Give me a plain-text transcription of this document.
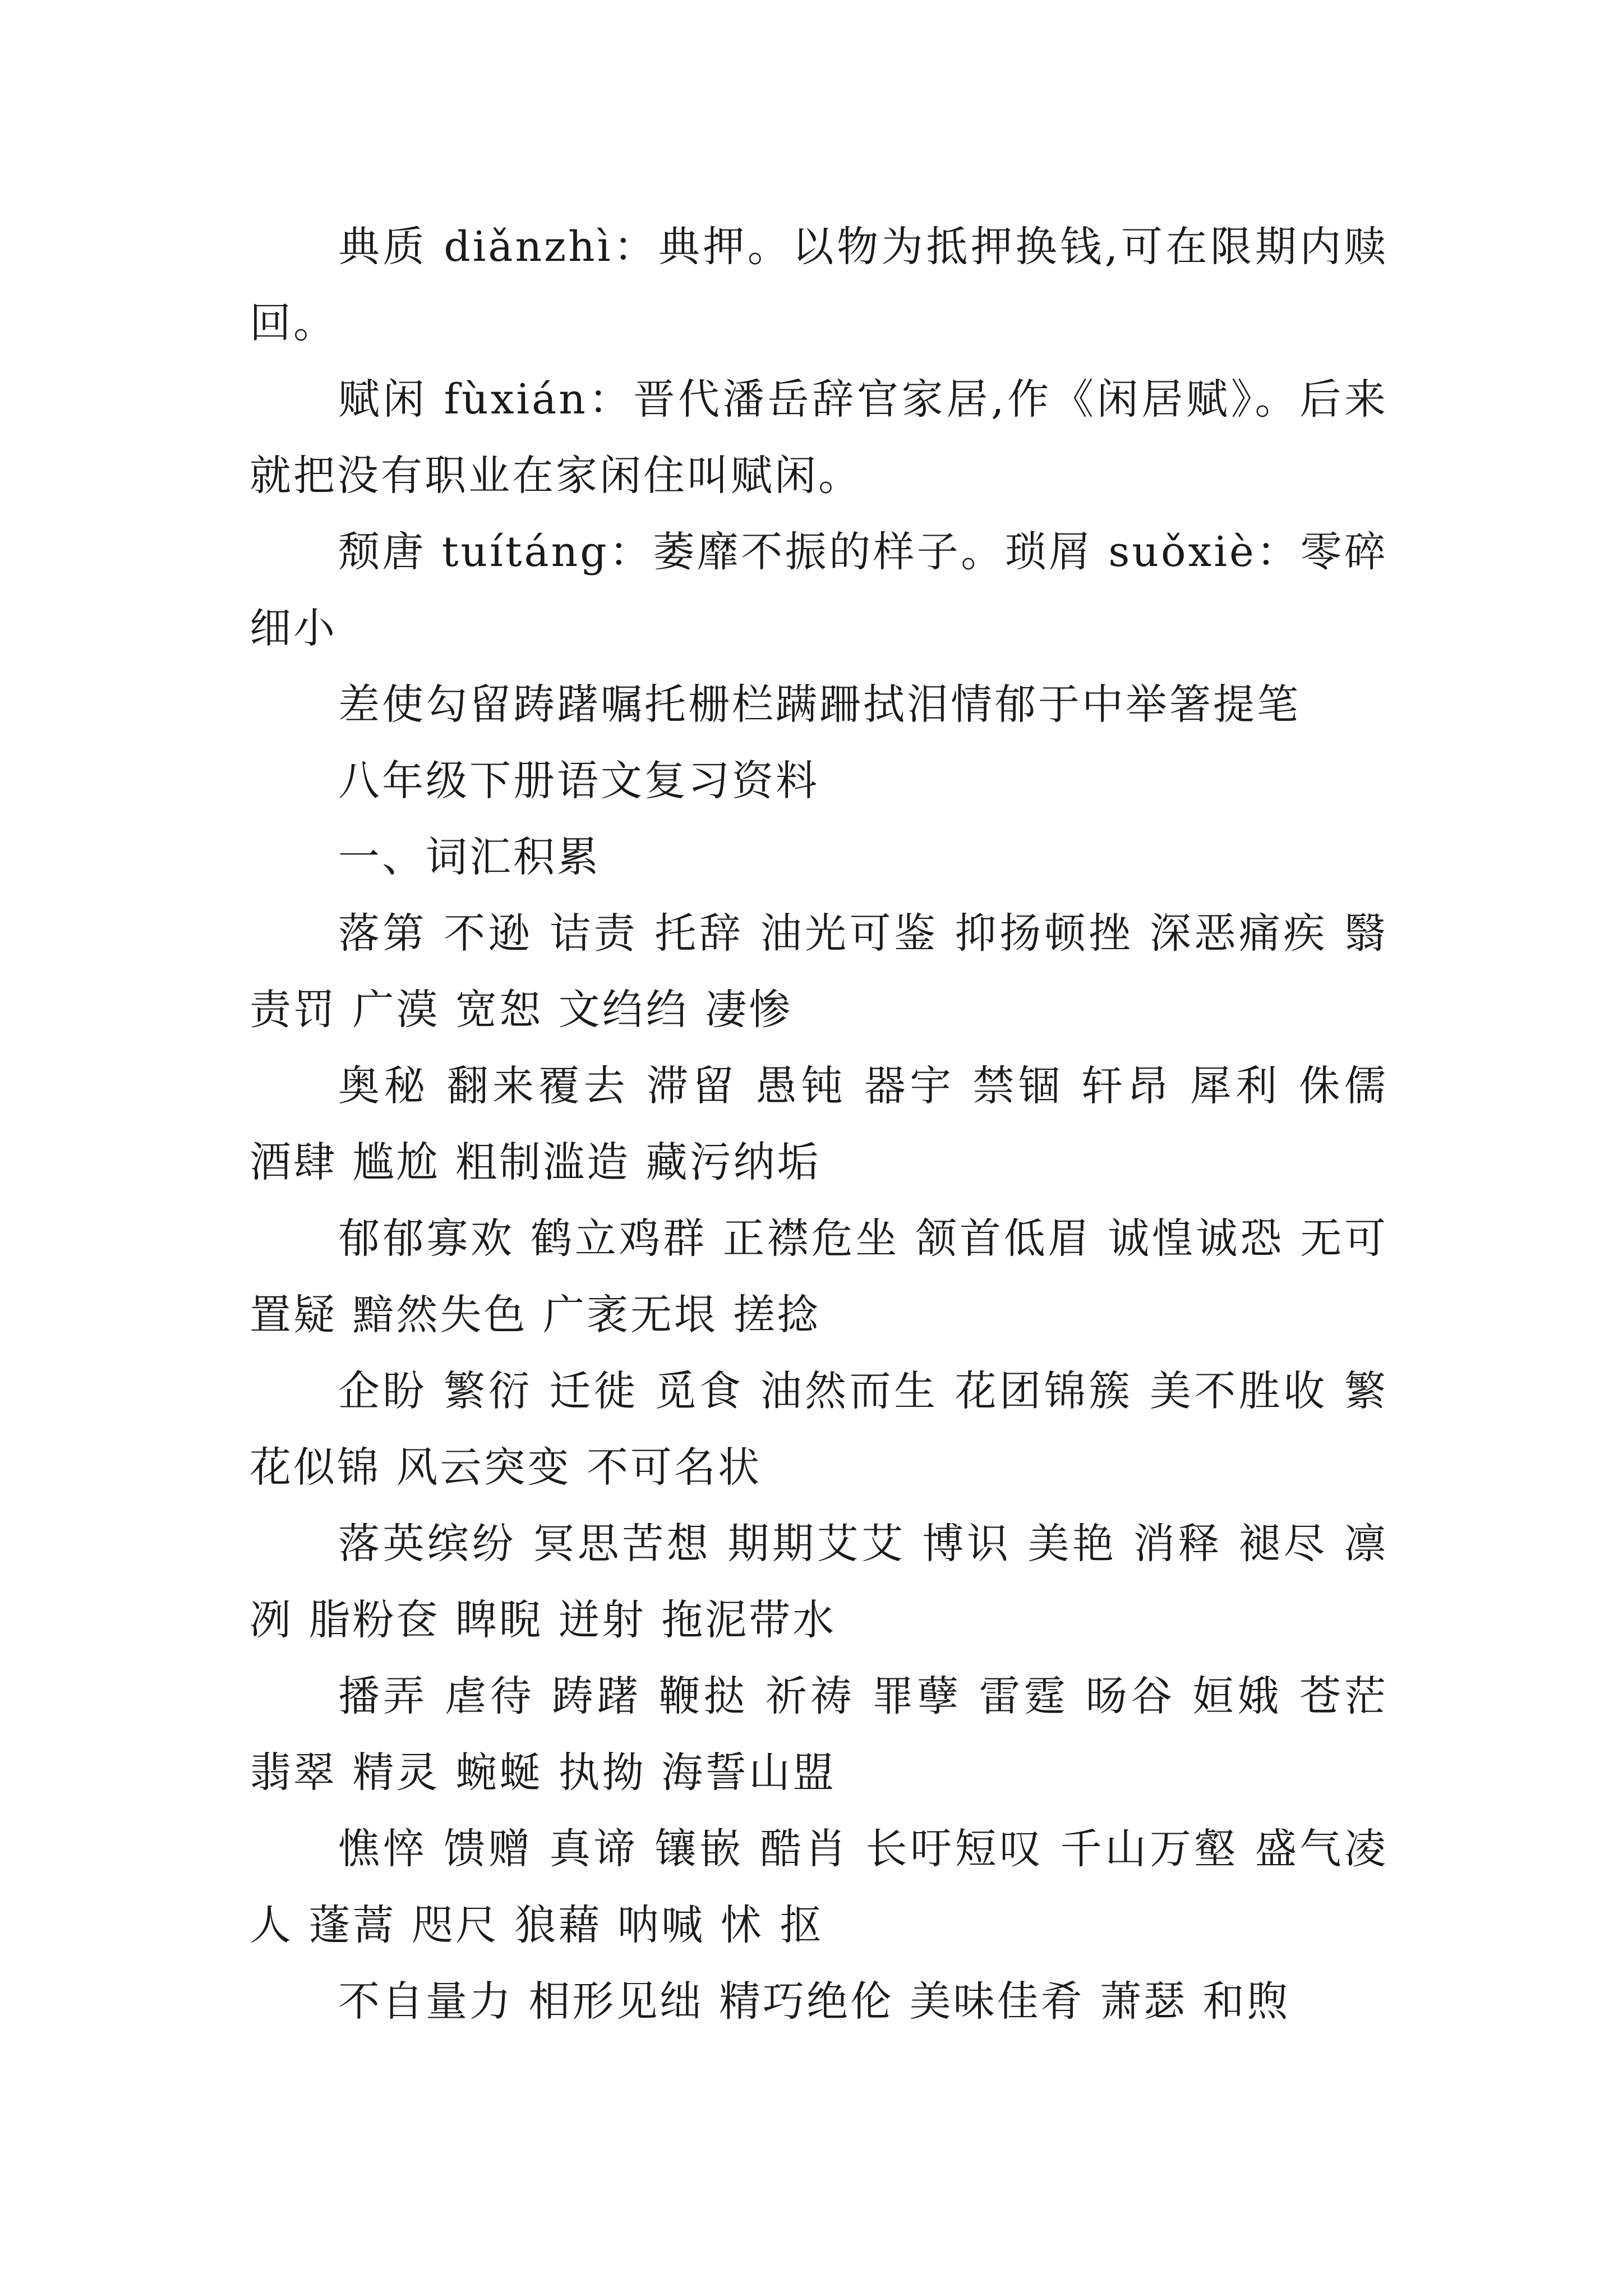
典质 diǎnzhì：典押。以物为抵押换钱,可在限期内赎回。

赋闲 fùxián：晋代潘岳辞官家居,作《闲居赋》。后来就把没有职业在家闲住叫赋闲。

颓唐 tuítáng：萎靡不振的样子。琐屑 suǒxiè：零碎细小

差使勾留踌躇嘱托栅栏蹒跚拭泪情郁于中举箸提笔

八年级下册语文复习资料

一、词汇积累

落第 不逊 诘责 托辞 油光可鉴 抑扬顿挫 深恶痛疾 翳 责罚 广漠 宽恕 文绉绉 凄惨

奥秘 翻来覆去 滞留 愚钝 器宇 禁锢 轩昂 犀利 侏儒 酒肆 尴尬 粗制滥造 藏污纳垢

郁郁寡欢 鹤立鸡群 正襟危坐 颔首低眉 诚惶诚恐 无可置疑 黯然失色 广袤无垠 搓捻

企盼 繁衍 迁徙 觅食 油然而生 花团锦簇 美不胜收 繁花似锦 风云突变 不可名状

落英缤纷 冥思苦想 期期艾艾 博识 美艳 消释 褪尽 凛冽 脂粉奁 睥睨 迸射 拖泥带水

播弄 虐待 踌躇 鞭挞 祈祷 罪孽 雷霆 旸谷 姮娥 苍茫 翡翠 精灵 蜿蜒 执拗 海誓山盟

憔悴 馈赠 真谛 镶嵌 酷肖 长吁短叹 千山万壑 盛气凌人 蓬蒿 咫尺 狼藉 呐喊 怵 抠

不自量力 相形见绌 精巧绝伦 美味佳肴 萧瑟 和煦
